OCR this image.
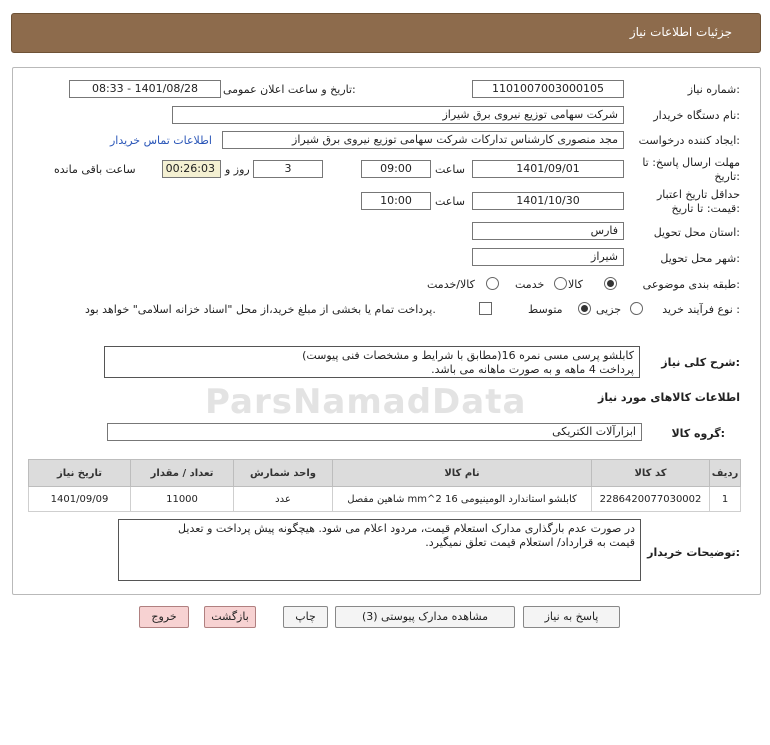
جزئیات اطلاعات نیاز
شماره نیاز:
1101007003000105
تاریخ و ساعت اعلان عمومی:
1401/08/28 - 08:33
نام دستگاه خریدار:
شرکت سهامی توزیع نیروی برق شیراز
ایجاد کننده درخواست:
مجد منصوری کارشناس تدارکات شرکت سهامی توزیع نیروی برق شیراز
اطلاعات تماس خریدار
مهلت ارسال پاسخ: تا
تاریخ:
1401/09/01
ساعت
09:00
3
روز و
00:26:03
ساعت باقی مانده
حداقل تاریخ اعتبار
قیمت: تا تاریخ:
1401/10/30
ساعت
10:00
استان محل تحویل:
فارس
شهر محل تحویل:
شیراز
طبقه بندی موضوعی:
کالا
خدمت
کالا/خدمت
نوع فرآیند خرید :
جزیی
متوسط
پرداخت تمام یا بخشی از مبلغ خرید،از محل "اسناد خزانه اسلامی" خواهد بود.
شرح کلی نیاز:
کابلشو پرسی مسی نمره 16(مطابق با شرایط و مشخصات فنی پیوست)
پرداخت 4 ماهه و به صورت ماهانه می باشد.
ParsNamadData	اطلاعات کالاهای مورد نیاز
گروه کالا:
ابزارآلات الکتریکی
ردیف	کد کالا	نام کالا	واحد شمارش	تعداد / مقدار	تاریخ نیاز
1	2286420077030002	کابلشو استاندارد الومینیومی 16 mm^2 شاهین مفصل	عدد	11000	1401/09/09
توضیحات خریدار:
در صورت عدم بارگذاری مدارک استعلام قیمت، مردود اعلام می شود. هیچگونه پیش پرداخت و تعدیل
قیمت به قرارداد/ استعلام قیمت تعلق نمیگیرد.
پاسخ به نیاز
مشاهده مدارک پیوستی (3)
چاپ
بازگشت
خروج
